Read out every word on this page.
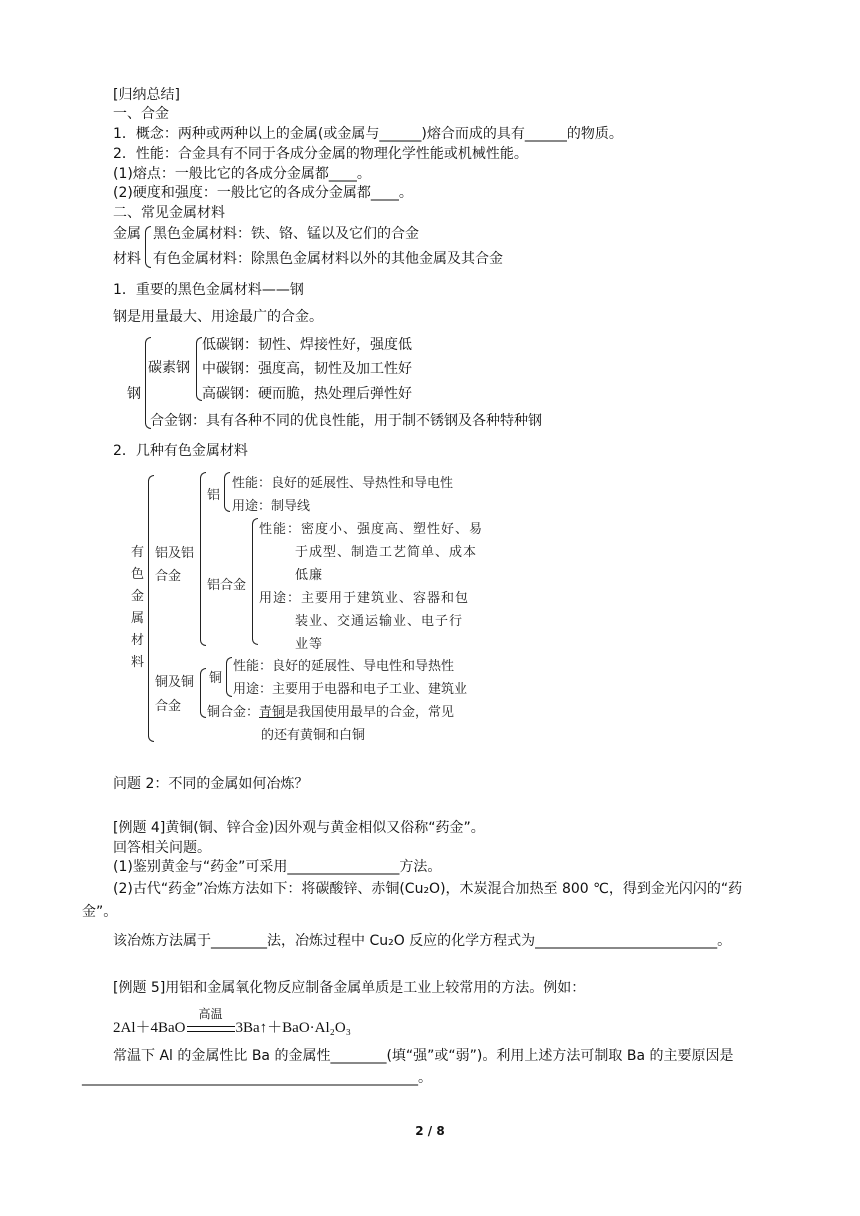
[归纳总结]
一、合金
1．概念：两种或两种以上的金属(或金属与______)熔合而成的具有______的物质。
2．性能：合金具有不同于各成分金属的物理化学性能或机械性能。
(1)熔点：一般比它的各成分金属都____。
(2)硬度和强度：一般比它的各成分金属都____。
二、常见金属材料
金属
材料
黑色金属材料：铁、铬、锰以及它们的合金
有色金属材料：除黑色金属材料以外的其他金属及其合金
1．重要的黑色金属材料——钢
钢是用量最大、用途最广的合金。
钢
碳素钢
低碳钢：韧性、焊接性好，强度低
中碳钢：强度高，韧性及加工性好
高碳钢：硬而脆，热处理后弹性好
合金钢：具有各种不同的优良性能，用于制不锈钢及各种特种钢
2．几种有色金属材料
有
色
金
属
材
料
铝及铝
合金
铝
性能：良好的延展性、导热性和导电性
用途：制导线
铝合金
性能：密度小、强度高、塑性好、易
于成型、制造工艺简单、成本
低廉
用途：主要用于建筑业、容器和包
装业、交通运输业、电子行
业等
铜及铜
合金
铜
性能：良好的延展性、导电性和导热性
用途：主要用于电器和电子工业、建筑业
铜合金：青铜是我国使用最早的合金，常见
的还有黄铜和白铜
问题 2：不同的金属如何冶炼？
[例题 4]黄铜(铜、锌合金)因外观与黄金相似又俗称“药金”。
回答相关问题。
(1)鉴别黄金与“药金”可采用________________方法。
(2)古代“药金”冶炼方法如下：将碳酸锌、赤铜(Cu₂O)，木炭混合加热至 800 ℃，得到金光闪闪的“药
金”。
该冶炼方法属于________法，冶炼过程中 Cu₂O 反应的化学方程式为__________________________。
[例题 5]用铝和金属氧化物反应制备金属单质是工业上较常用的方法。例如：
2Al＋4BaO
高温
3Ba↑＋BaO·Al₂O₃
常温下 Al 的金属性比 Ba 的金属性________(填“强”或“弱”)。利用上述方法可制取 Ba 的主要原因是
________________________________________________。
2 / 8
